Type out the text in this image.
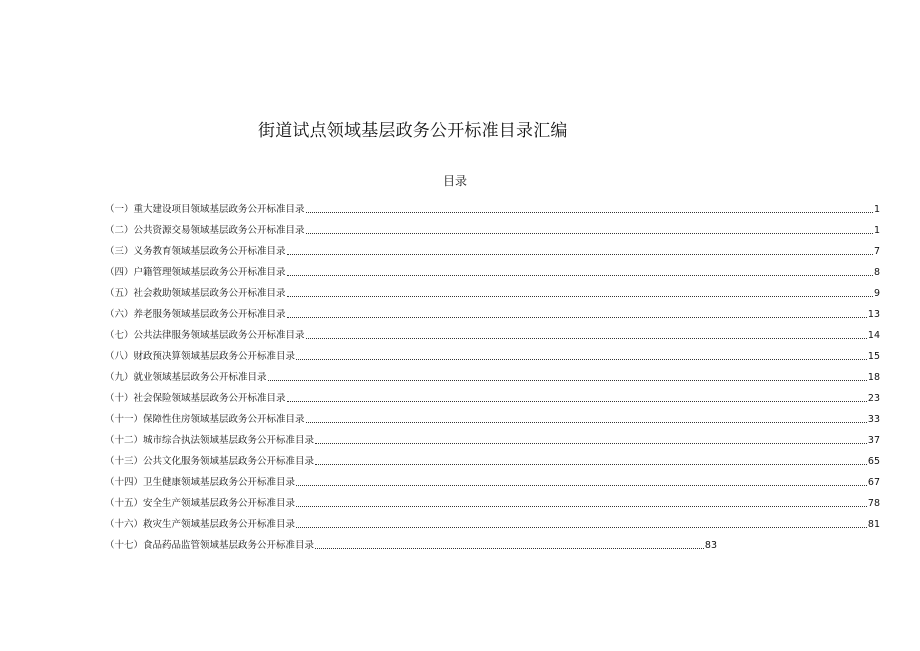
街道试点领域基层政务公开标准目录汇编
目录
（一）重大建设项目领域基层政务公开标准目录	1
（二）公共资源交易领域基层政务公开标准目录	1
（三）义务教育领域基层政务公开标准目录	7
（四）户籍管理领域基层政务公开标准目录	8
（五）社会救助领域基层政务公开标准目录	9
（六）养老服务领域基层政务公开标准目录	13
（七）公共法律服务领域基层政务公开标准目录	14
（八）财政预决算领域基层政务公开标准目录	15
（九）就业领域基层政务公开标准目录	18
（十）社会保险领域基层政务公开标准目录	23
（十一）保障性住房领域基层政务公开标准目录	33
（十二）城市综合执法领域基层政务公开标准目录	37
（十三）公共文化服务领域基层政务公开标准目录	65
（十四）卫生健康领域基层政务公开标准目录	67
（十五）安全生产领域基层政务公开标准目录	78
（十六）救灾生产领域基层政务公开标准目录	81
（十七）食品药品监管领域基层政务公开标准目录	83
